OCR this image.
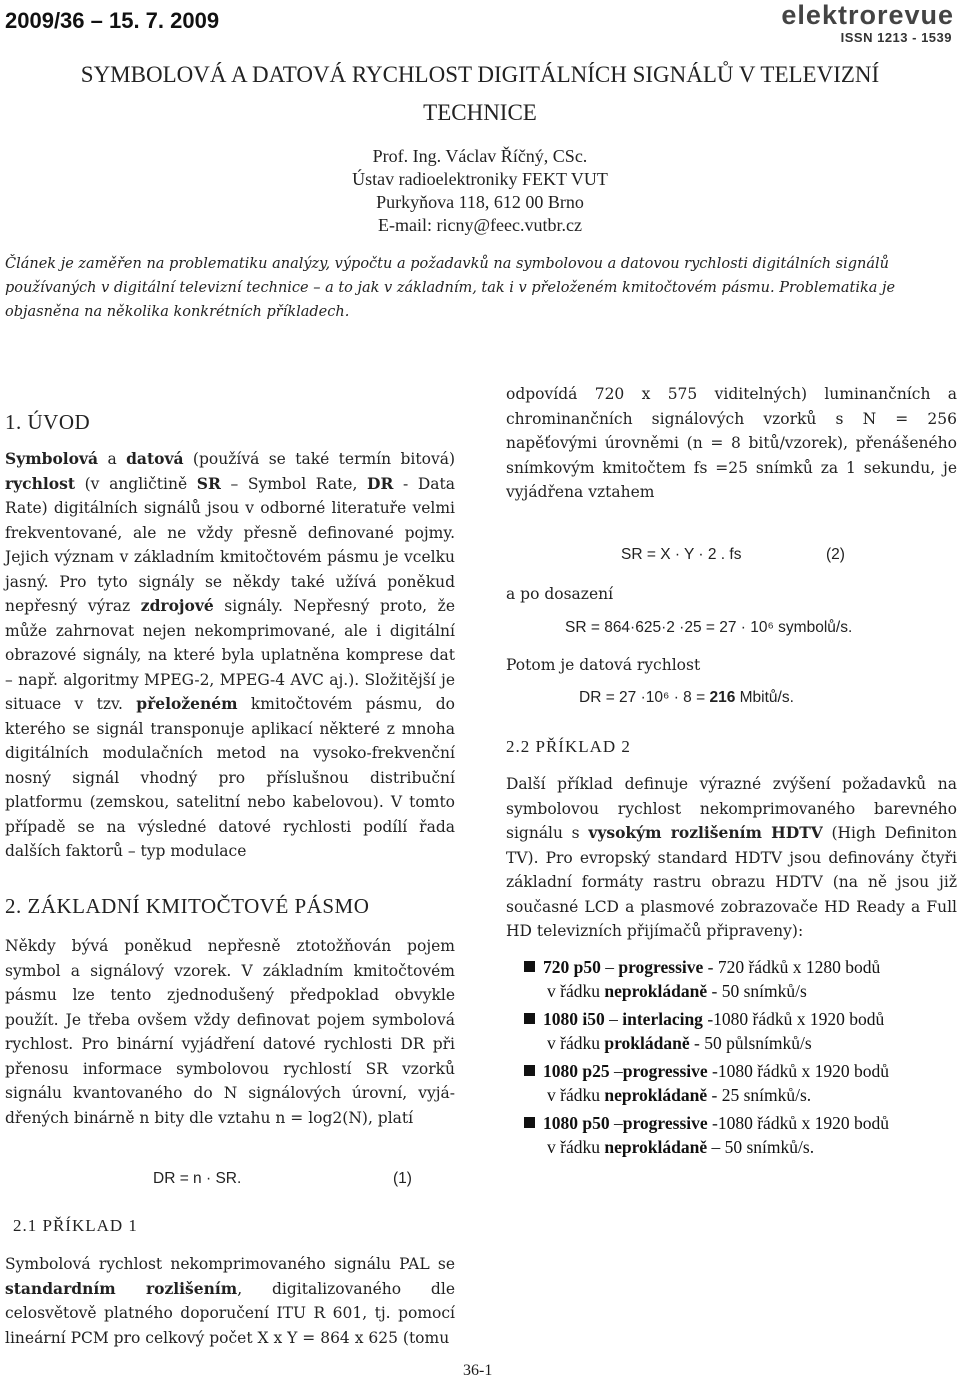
2009/36 – 15. 7. 2009	elektrorevue
ISSN 1213 - 1539
SYMBOLOVÁ A DATOVÁ RYCHLOST DIGITÁLNÍCH SIGNÁLŮ V TELEVIZNÍ
TECHNICE
Prof. Ing. Václav Říčný, CSc.
Ústav radioelektroniky FEKT VUT
Purkyňova 118, 612 00 Brno
E-mail: ricny@feec.vutbr.cz
Článek je zaměřen na problematiku analýzy, výpočtu a požadavků na symbolovou a datovou rychlosti digitálních signálů používaných v digitální televizní technice – a to jak v základním, tak i v přeloženém kmitočtovém pásmu. Problematika je objasněna na několika konkrétních příkladech.
1. ÚVOD
Symbolová a datová (používá se také termín bitová) rychlost (v angličtině SR – Symbol Rate, DR - Data Rate) digitálních signálů jsou v odborné literatuře velmi frekventované, ale ne vždy přesně definované pojmy. Jejich význam v základním kmitočtovém pásmu je vcelku jasný. Pro tyto signály se někdy také užívá poněkud nepřesný výraz zdrojové signály. Nepřesný proto, že může zahrnovat nejen nekomprimované, ale i digitální obrazové signály, na které byla uplatněna komprese dat – např. algoritmy MPEG-2, MPEG-4 AVC aj.). Složitější je situace v tzv. přeloženém kmitočtovém pásmu, do kterého se signál transponuje aplikací některé z mnoha digitálních modulačních metod na vysoko-frekvenční nosný signál vhodný pro příslušnou distribuční platformu (zemskou, satelitní nebo kabelovou). V tomto případě se na výsledné datové rychlosti podílí řada dalších faktorů – typ modulace
2. ZÁKLADNÍ KMITOČTOVÉ PÁSMO
Někdy bývá poněkud nepřesně ztotožňován pojem symbol a signálový vzorek. V základním kmitočtovém pásmu lze tento zjednodušený předpoklad obvykle použít. Je třeba ovšem vždy definovat pojem symbolová rychlost. Pro binární vyjádření datové rychlosti DR při přenosu informace symbolovou rychlostí SR vzorků signálu kvantovaného do N signálových úrovní, vyjá-dřených binárně n bity dle vztahu n = log2(N), platí
DR = n · SR.	(1)
2.1 PŘÍKLAD 1
Symbolová rychlost nekomprimovaného signálu PAL se standardním rozlišením, digitalizovaného dle celosvětově platného doporučení ITU R 601, tj. pomocí lineární PCM pro celkový počet X x Y = 864 x 625 (tomu
odpovídá 720 x 575 viditelných) luminančních a chrominančních signálových vzorků s N = 256 napěťovými úrovněmi (n = 8 bitů/vzorek), přenášeného snímkovým kmitočtem fs =25 snímků za 1 sekundu, je vyjádřena vztahem
SR = X · Y · 2 . fs	(2)
a po dosazení
SR = 864·625·2 ·25 = 27 · 10⁶ symbolů/s.
Potom je datová rychlost
DR = 27 ·10⁶ · 8 = 216 Mbitů/s.
2.2 PŘÍKLAD 2
Další příklad definuje výrazné zvýšení požadavků na symbolovou rychlost nekomprimovaného barevného signálu s vysokým rozlišením HDTV (High Definiton TV). Pro evropský standard HDTV jsou definovány čtyři základní formáty rastru obrazu HDTV (na ně jsou již současné LCD a plasmové zobrazovače HD Ready a Full HD televizních přijímačů připraveny):
720 p50 – progressive - 720 řádků x 1280 bodů
v řádku neprokládaně - 50 snímků/s
1080 i50 – interlacing -1080 řádků x 1920 bodů
v řádku prokládaně - 50 půlsnímků/s
1080 p25 –progressive -1080 řádků x 1920 bodů
v řádku neprokládaně - 25 snímků/s.
1080 p50 –progressive -1080 řádků x 1920 bodů
v řádku neprokládaně – 50 snímků/s.
36-1
